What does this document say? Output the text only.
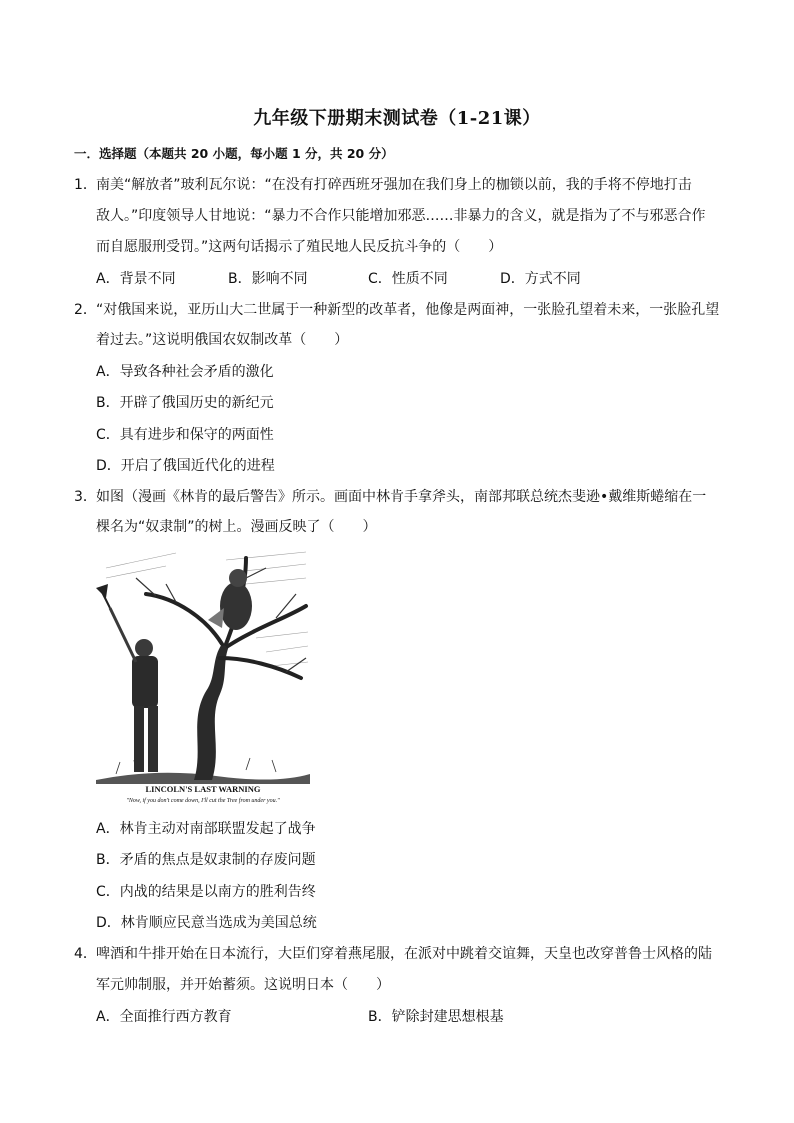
九年级下册期末测试卷（1-21课）
一．选择题（本题共 20 小题，每小题 1 分，共 20 分）
1．南美“解放者”玻利瓦尔说：“在没有打碎西班牙强加在我们身上的枷锁以前，我的手将不停地打击
敌人。”印度领导人甘地说：“暴力不合作只能增加邪恶……非暴力的含义，就是指为了不与邪恶合作
而自愿服刑受罚。”这两句话揭示了殖民地人民反抗斗争的（　　）
A．背景不同	B．影响不同	C．性质不同	D．方式不同
2．“对俄国来说，亚历山大二世属于一种新型的改革者，他像是两面神，一张脸孔望着未来，一张脸孔望
着过去。”这说明俄国农奴制改革（　　）
A．导致各种社会矛盾的激化
B．开辟了俄国历史的新纪元
C．具有进步和保守的两面性
D．开启了俄国近代化的进程
3．如图（漫画《林肯的最后警告》所示。画面中林肯手拿斧头，南部邦联总统杰斐逊•戴维斯蜷缩在一
棵名为“奴隶制”的树上。漫画反映了（　　）
LINCOLN'S LAST WARNING
"Now, if you don't come down, I'll cut the Tree from under you."
A．林肯主动对南部联盟发起了战争
B．矛盾的焦点是奴隶制的存废问题
C．内战的结果是以南方的胜利告终
D．林肯顺应民意当选成为美国总统
4．啤酒和牛排开始在日本流行，大臣们穿着燕尾服，在派对中跳着交谊舞，天皇也改穿普鲁士风格的陆
军元帅制服，并开始蓄须。这说明日本（　　）
A．全面推行西方教育	B．铲除封建思想根基
